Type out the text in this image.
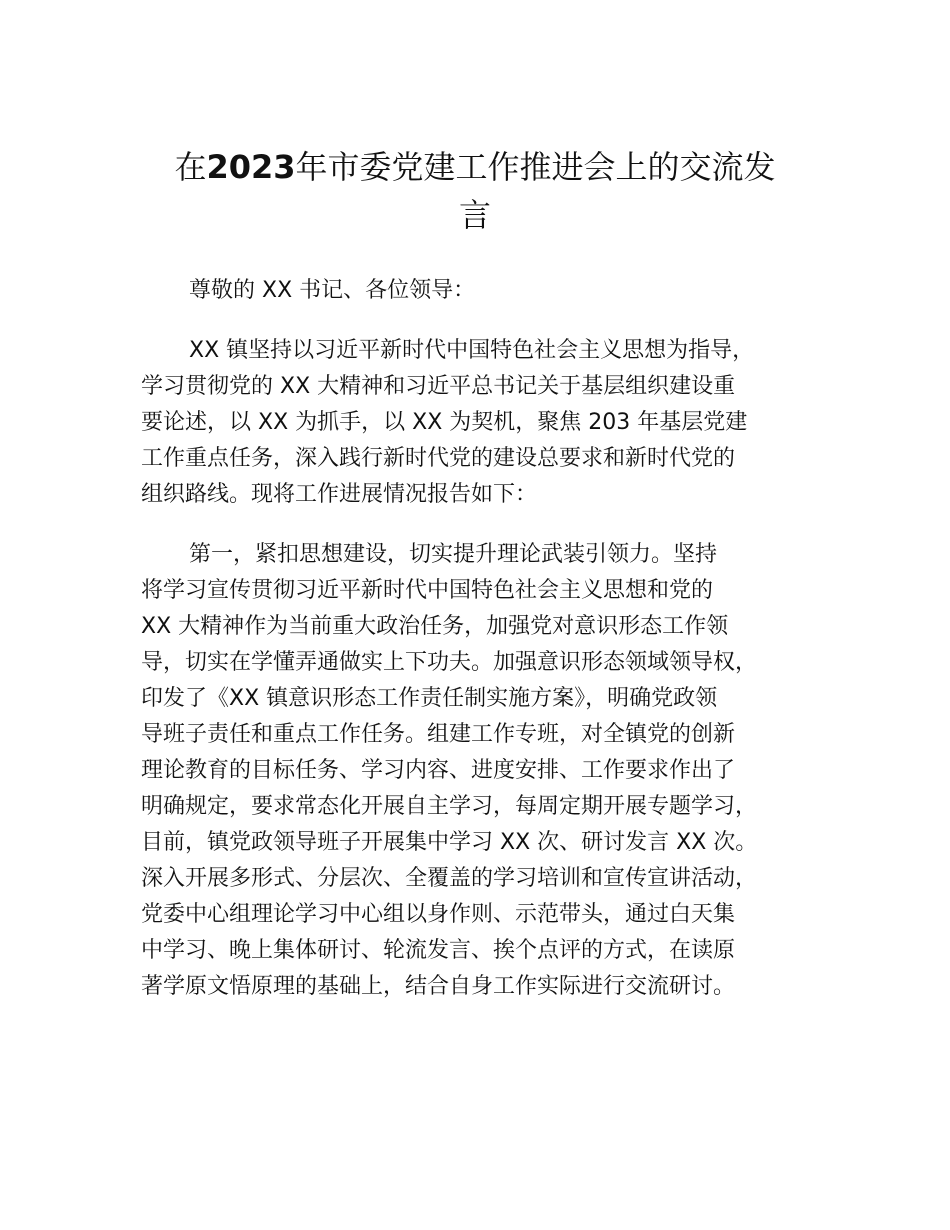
在2023年市委党建工作推进会上的交流发
言
尊敬的 XX 书记、各位领导：
XX 镇坚持以习近平新时代中国特色社会主义思想为指导，
学习贯彻党的 XX 大精神和习近平总书记关于基层组织建设重
要论述，以 XX 为抓手，以 XX 为契机，聚焦 203 年基层党建
工作重点任务，深入践行新时代党的建设总要求和新时代党的
组织路线。现将工作进展情况报告如下：
第一，紧扣思想建设，切实提升理论武装引领力。坚持
将学习宣传贯彻习近平新时代中国特色社会主义思想和党的
XX 大精神作为当前重大政治任务，加强党对意识形态工作领
导，切实在学懂弄通做实上下功夫。加强意识形态领域领导权，
印发了《XX 镇意识形态工作责任制实施方案》，明确党政领
导班子责任和重点工作任务。组建工作专班，对全镇党的创新
理论教育的目标任务、学习内容、进度安排、工作要求作出了
明确规定，要求常态化开展自主学习，每周定期开展专题学习，
目前，镇党政领导班子开展集中学习 XX 次、研讨发言 XX 次。
深入开展多形式、分层次、全覆盖的学习培训和宣传宣讲活动，
党委中心组理论学习中心组以身作则、示范带头，通过白天集
中学习、晚上集体研讨、轮流发言、挨个点评的方式，在读原
著学原文悟原理的基础上，结合自身工作实际进行交流研讨。
